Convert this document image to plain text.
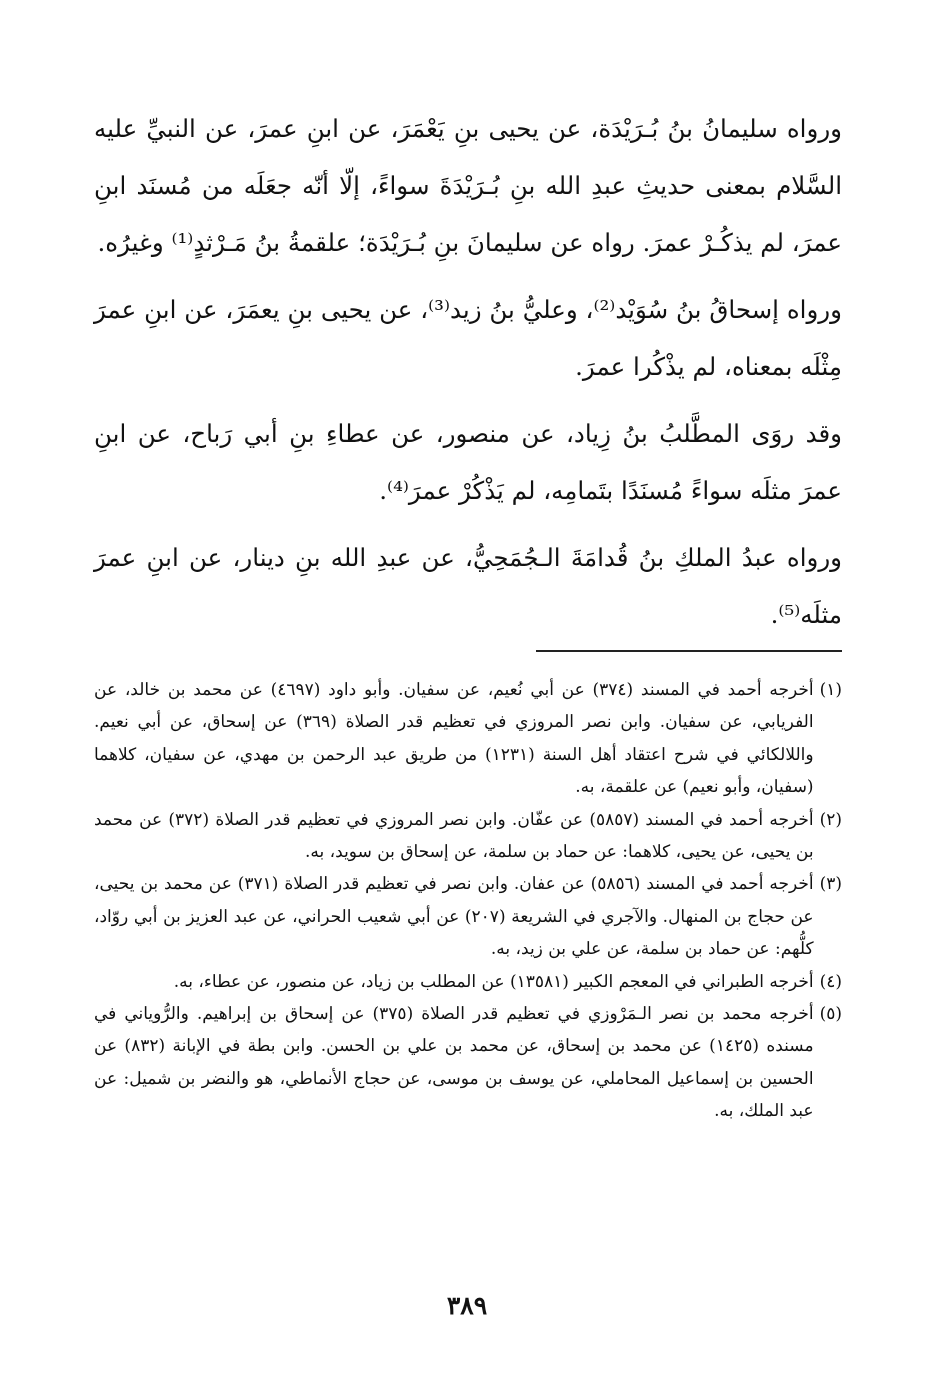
ورواه سليمانُ بنُ بُـرَيْدَة، عن يحيى بنِ يَعْمَرَ، عن ابنِ عمرَ، عن النبيِّ عليه السَّلام بمعنى حديثِ عبدِ الله بنِ بُـرَيْدَةَ سواءً، إلّا أنّه جعَلَه من مُسنَد ابنِ عمرَ، لم يذكُـرْ عمرَ. رواه عن سليمانَ بنِ بُـرَيْدَة؛ علقمةُ بنُ مَـرْثدٍ⁽¹⁾ وغيرُه.

ورواه إسحاقُ بنُ سُوَيْد⁽²⁾، وعليُّ بنُ زيد⁽³⁾، عن يحيى بنِ يعمَرَ، عن ابنِ عمرَ مِثْلَه بمعناه، لم يذْكُرا عمرَ.

وقد روَى المطَّلبُ بنُ زِياد، عن منصور، عن عطاءِ بنِ أبي رَباح، عن ابنِ عمرَ مثلَه سواءً مُسنَدًا بتَمامِه، لم يَذْكُرْ عمرَ⁽⁴⁾.

ورواه عبدُ الملكِ بنُ قُدامَةَ الـجُمَحِيُّ، عن عبدِ الله بنِ دينار، عن ابنِ عمرَ مثلَه⁽⁵⁾.

(١)
أخرجه أحمد في المسند (٣٧٤) عن أبي نُعيم، عن سفيان. وأبو داود (٤٦٩٧) عن محمد بن خالد، عن الفريابي، عن سفيان. وابن نصر المروزي في تعظيم قدر الصلاة (٣٦٩) عن إسحاق، عن أبي نعيم. واللالكائي في شرح اعتقاد أهل السنة (١٢٣١) من طريق عبد الرحمن بن مهدي، عن سفيان، كلاهما (سفيان، وأبو نعيم) عن علقمة، به.
(٢)
أخرجه أحمد في المسند (٥٨٥٧) عن عفّان. وابن نصر المروزي في تعظيم قدر الصلاة (٣٧٢) عن محمد بن يحيى، عن يحيى، كلاهما: عن حماد بن سلمة، عن إسحاق بن سويد، به.
(٣)
أخرجه أحمد في المسند (٥٨٥٦) عن عفان. وابن نصر في تعظيم قدر الصلاة (٣٧١) عن محمد بن يحيى، عن حجاج بن المنهال. والآجري في الشريعة (٢٠٧) عن أبي شعيب الحراني، عن عبد العزيز بن أبي روّاد، كلُّهم: عن حماد بن سلمة، عن علي بن زيد، به.
(٤)
أخرجه الطبراني في المعجم الكبير (١٣٥٨١) عن المطلب بن زياد، عن منصور، عن عطاء، به.
(٥)
أخرجه محمد بن نصر الـمَرْوزي في تعظيم قدر الصلاة (٣٧٥) عن إسحاق بن إبراهيم. والرُّوياني في مسنده (١٤٢٥) عن محمد بن إسحاق، عن محمد بن علي بن الحسن. وابن بطة في الإبانة (٨٣٢) عن الحسين بن إسماعيل المحاملي، عن يوسف بن موسى، عن حجاج الأنماطي، هو والنضر بن شميل: عن عبد الملك، به.
٣٨٩
